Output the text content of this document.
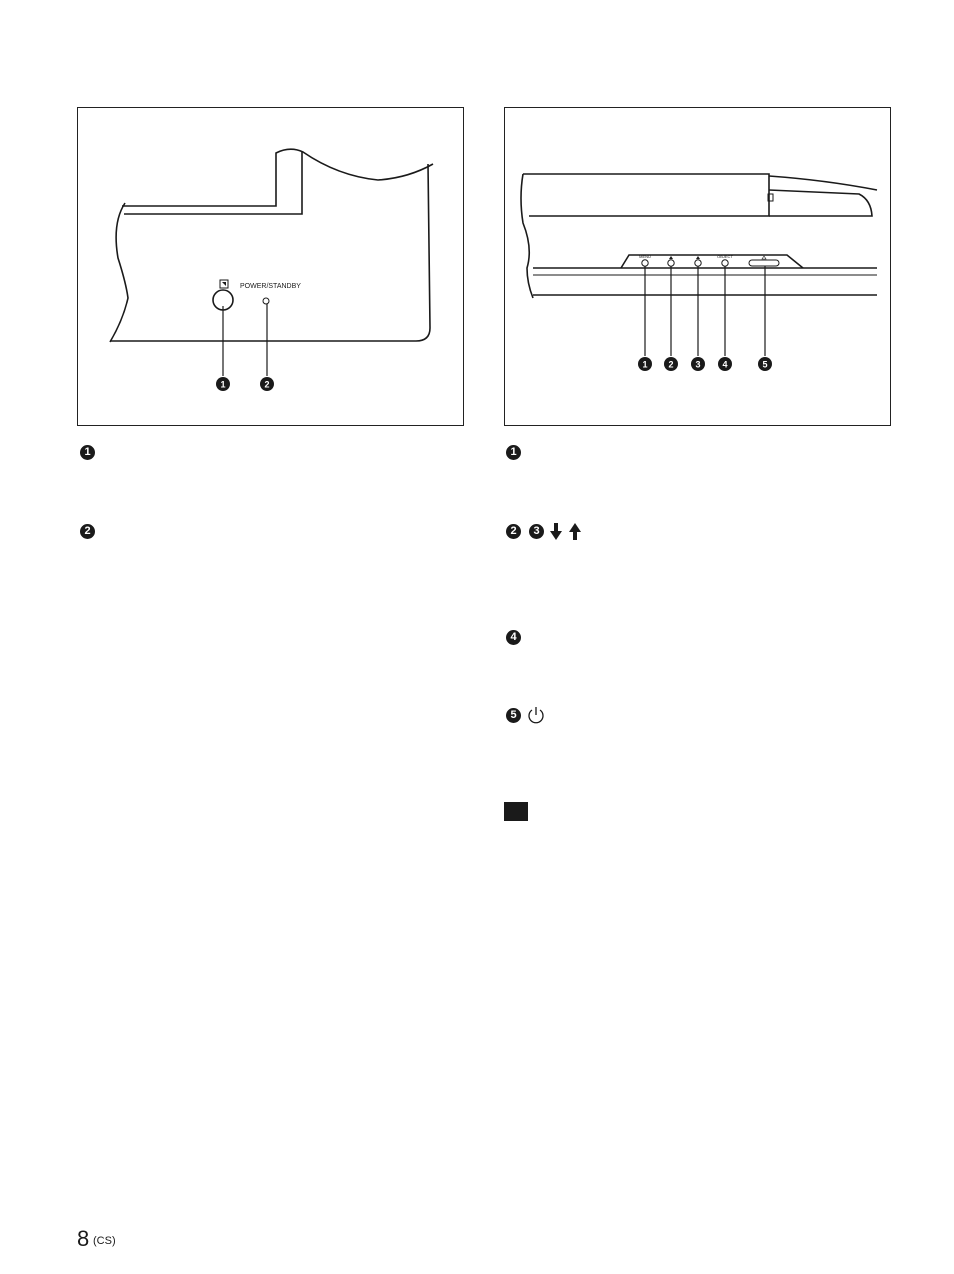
POWER/STANDBY
1	2
MENU	OBJECT
1 2 3 4	5
1
2
1
2	3
4
5
8 (CS)
